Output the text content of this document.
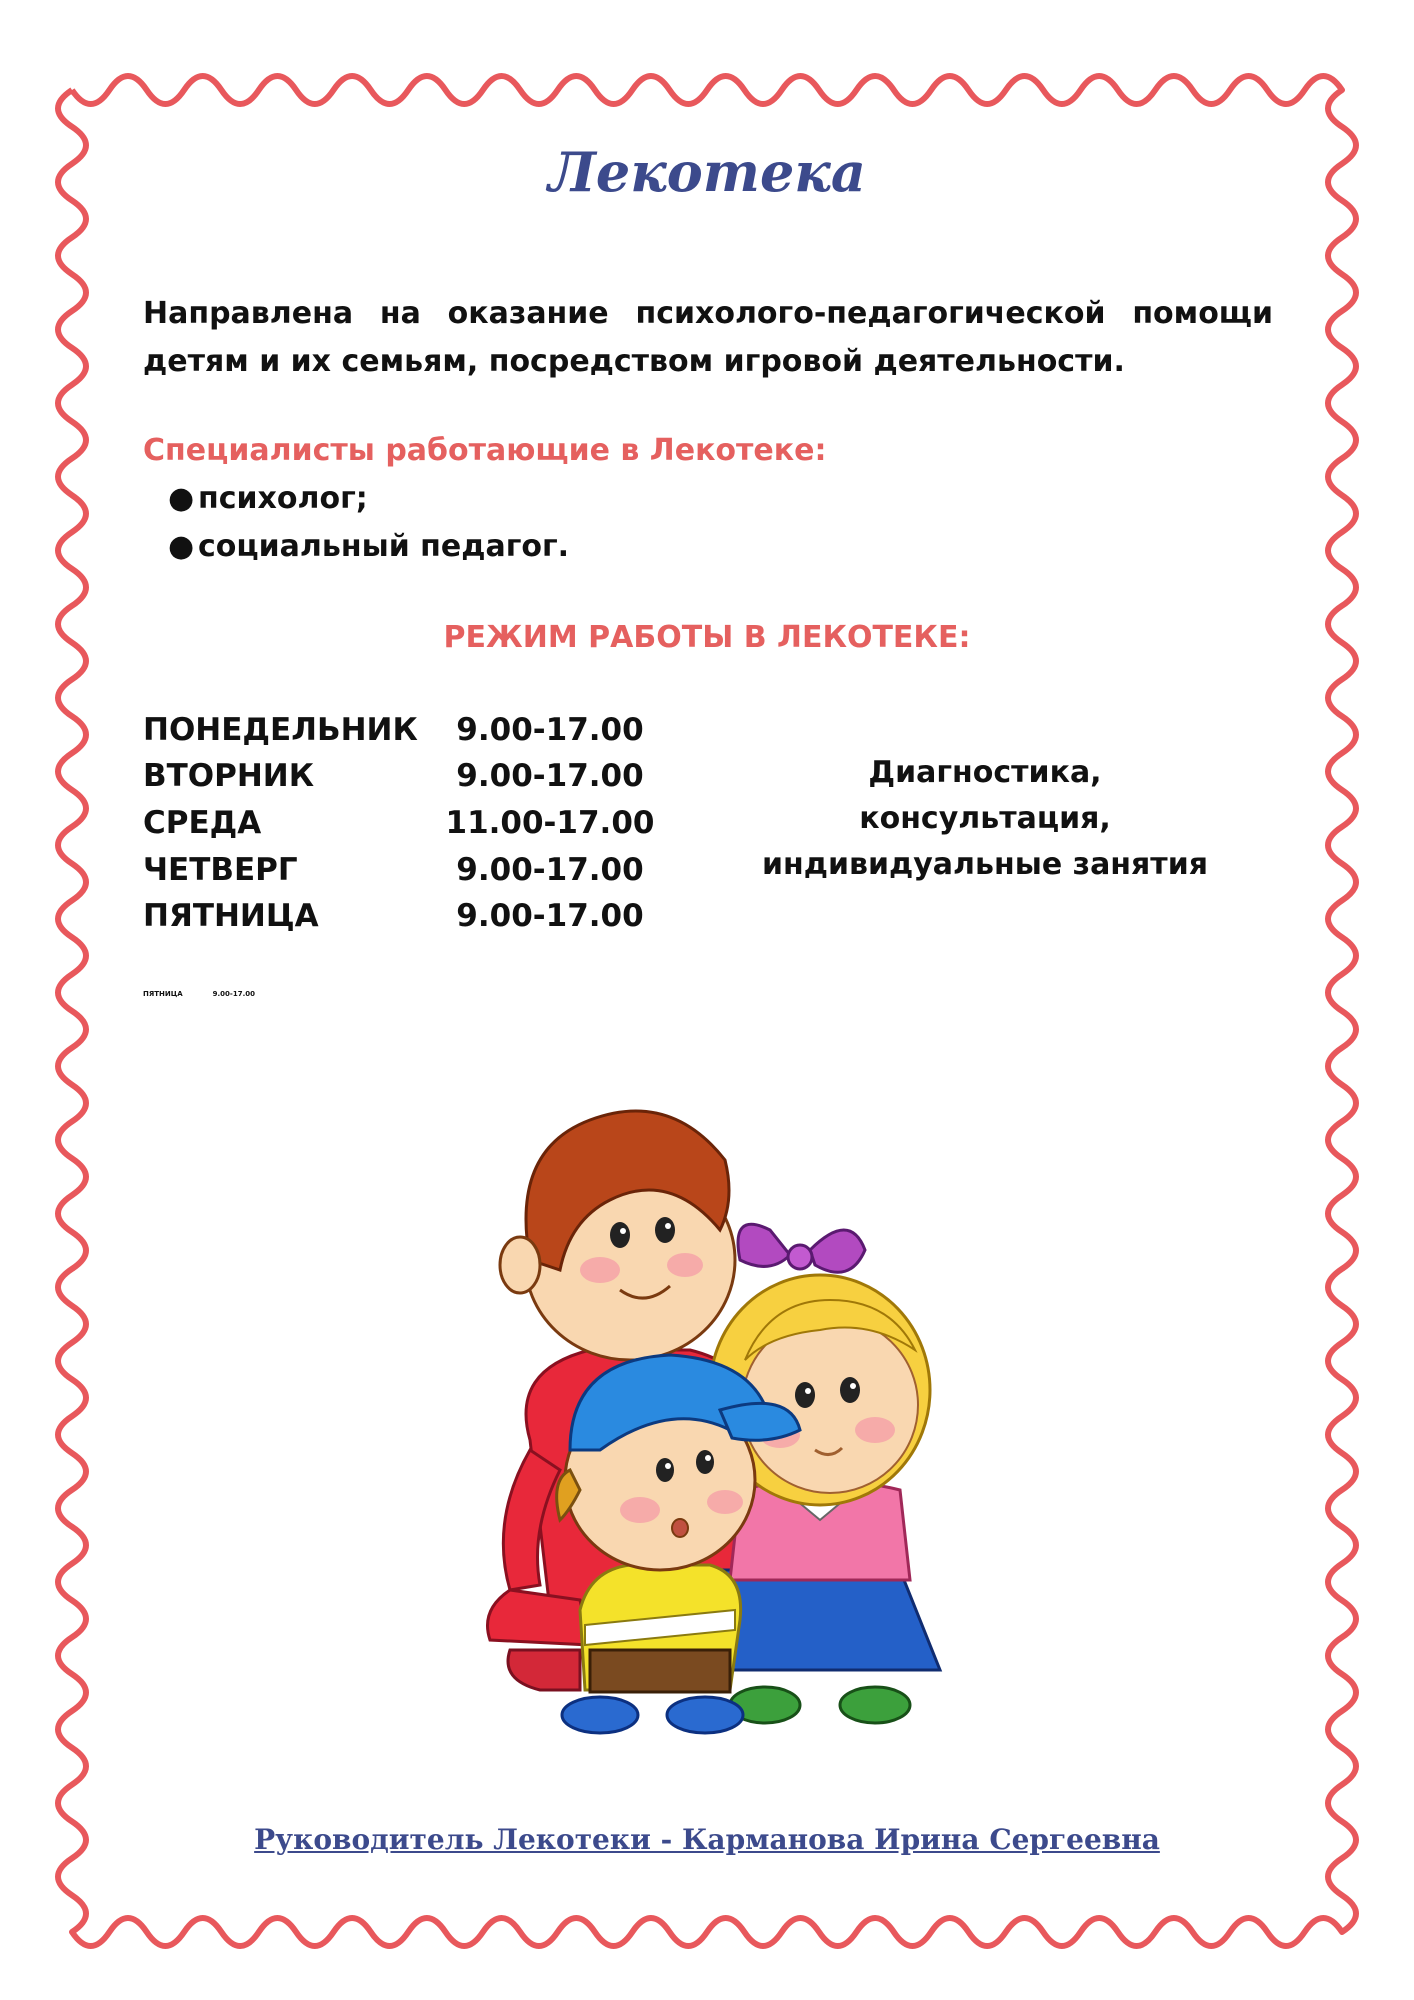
Лекотека
Направлена на оказание психолого-педагогической помощи детям и их семьям, посредством игровой деятельности.
Специалисты работающие в Лекотеке:
● психолог;
● социальный педагог.
РЕЖИМ РАБОТЫ В ЛЕКОТЕКЕ:
ПОНЕДЕЛЬНИК	9.00-17.00
ВТОРНИК	9.00-17.00
СРЕДА	11.00-17.00
ЧЕТВЕРГ	9.00-17.00
ПЯТНИЦА	9.00-17.00
Диагностика,
консультация,
индивидуальные занятия
ПЯТНИЦА	9.00-17.00
Руководитель Лекотеки - Карманова Ирина Сергеевна
